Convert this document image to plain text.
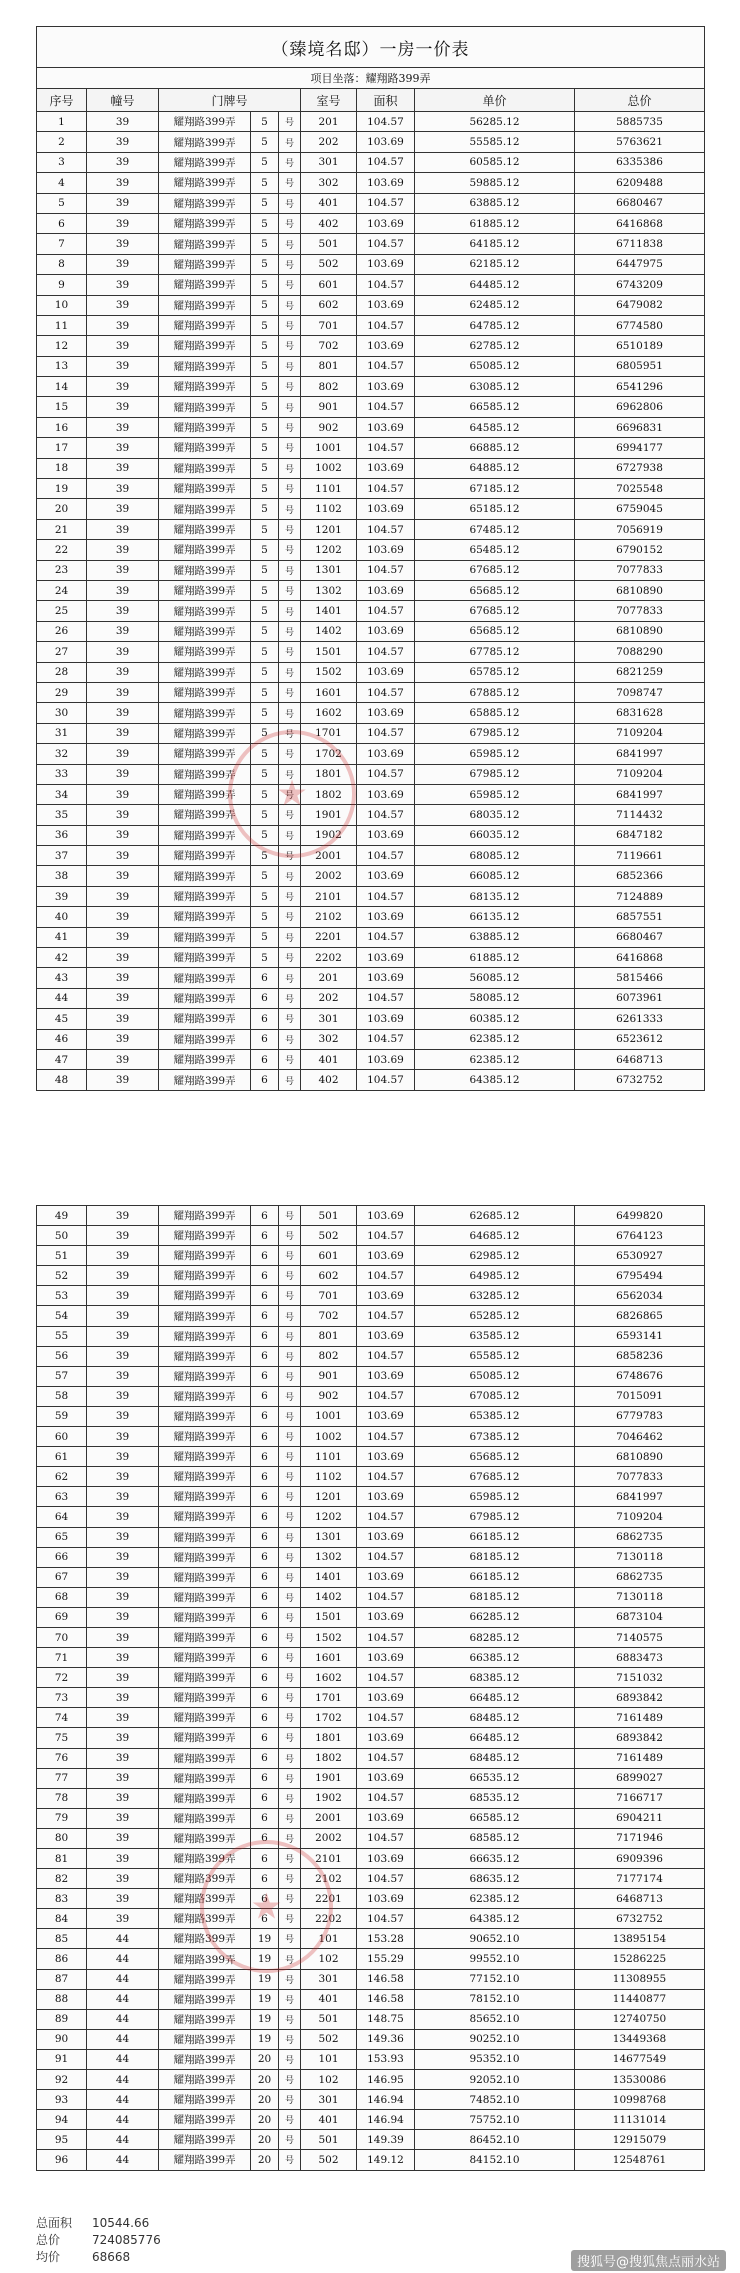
（臻境名邸）一房一价表								
项目坐落：耀翔路399弄								
序号	幢号	门牌号			室号	面积	单价	总价
1	39	耀翔路399弄	5	号	201	104.57	56285.12	5885735
2	39	耀翔路399弄	5	号	202	103.69	55585.12	5763621
3	39	耀翔路399弄	5	号	301	104.57	60585.12	6335386
4	39	耀翔路399弄	5	号	302	103.69	59885.12	6209488
5	39	耀翔路399弄	5	号	401	104.57	63885.12	6680467
6	39	耀翔路399弄	5	号	402	103.69	61885.12	6416868
7	39	耀翔路399弄	5	号	501	104.57	64185.12	6711838
8	39	耀翔路399弄	5	号	502	103.69	62185.12	6447975
9	39	耀翔路399弄	5	号	601	104.57	64485.12	6743209
10	39	耀翔路399弄	5	号	602	103.69	62485.12	6479082
11	39	耀翔路399弄	5	号	701	104.57	64785.12	6774580
12	39	耀翔路399弄	5	号	702	103.69	62785.12	6510189
13	39	耀翔路399弄	5	号	801	104.57	65085.12	6805951
14	39	耀翔路399弄	5	号	802	103.69	63085.12	6541296
15	39	耀翔路399弄	5	号	901	104.57	66585.12	6962806
16	39	耀翔路399弄	5	号	902	103.69	64585.12	6696831
17	39	耀翔路399弄	5	号	1001	104.57	66885.12	6994177
18	39	耀翔路399弄	5	号	1002	103.69	64885.12	6727938
19	39	耀翔路399弄	5	号	1101	104.57	67185.12	7025548
20	39	耀翔路399弄	5	号	1102	103.69	65185.12	6759045
21	39	耀翔路399弄	5	号	1201	104.57	67485.12	7056919
22	39	耀翔路399弄	5	号	1202	103.69	65485.12	6790152
23	39	耀翔路399弄	5	号	1301	104.57	67685.12	7077833
24	39	耀翔路399弄	5	号	1302	103.69	65685.12	6810890
25	39	耀翔路399弄	5	号	1401	104.57	67685.12	7077833
26	39	耀翔路399弄	5	号	1402	103.69	65685.12	6810890
27	39	耀翔路399弄	5	号	1501	104.57	67785.12	7088290
28	39	耀翔路399弄	5	号	1502	103.69	65785.12	6821259
29	39	耀翔路399弄	5	号	1601	104.57	67885.12	7098747
30	39	耀翔路399弄	5	号	1602	103.69	65885.12	6831628
31	39	耀翔路399弄	5	号	1701	104.57	67985.12	7109204
32	39	耀翔路399弄	5	号	1702	103.69	65985.12	6841997
33	39	耀翔路399弄	5	号	1801	104.57	67985.12	7109204
34	39	耀翔路399弄	5	号	1802	103.69	65985.12	6841997
35	39	耀翔路399弄	5	号	1901	104.57	68035.12	7114432
36	39	耀翔路399弄	5	号	1902	103.69	66035.12	6847182
37	39	耀翔路399弄	5	号	2001	104.57	68085.12	7119661
38	39	耀翔路399弄	5	号	2002	103.69	66085.12	6852366
39	39	耀翔路399弄	5	号	2101	104.57	68135.12	7124889
40	39	耀翔路399弄	5	号	2102	103.69	66135.12	6857551
41	39	耀翔路399弄	5	号	2201	104.57	63885.12	6680467
42	39	耀翔路399弄	5	号	2202	103.69	61885.12	6416868
43	39	耀翔路399弄	6	号	201	103.69	56085.12	5815466
44	39	耀翔路399弄	6	号	202	104.57	58085.12	6073961
45	39	耀翔路399弄	6	号	301	103.69	60385.12	6261333
46	39	耀翔路399弄	6	号	302	104.57	62385.12	6523612
47	39	耀翔路399弄	6	号	401	103.69	62385.12	6468713
48	39	耀翔路399弄	6	号	402	104.57	64385.12	6732752
★
49	39	耀翔路399弄	6	号	501	103.69	62685.12	6499820
50	39	耀翔路399弄	6	号	502	104.57	64685.12	6764123
51	39	耀翔路399弄	6	号	601	103.69	62985.12	6530927
52	39	耀翔路399弄	6	号	602	104.57	64985.12	6795494
53	39	耀翔路399弄	6	号	701	103.69	63285.12	6562034
54	39	耀翔路399弄	6	号	702	104.57	65285.12	6826865
55	39	耀翔路399弄	6	号	801	103.69	63585.12	6593141
56	39	耀翔路399弄	6	号	802	104.57	65585.12	6858236
57	39	耀翔路399弄	6	号	901	103.69	65085.12	6748676
58	39	耀翔路399弄	6	号	902	104.57	67085.12	7015091
59	39	耀翔路399弄	6	号	1001	103.69	65385.12	6779783
60	39	耀翔路399弄	6	号	1002	104.57	67385.12	7046462
61	39	耀翔路399弄	6	号	1101	103.69	65685.12	6810890
62	39	耀翔路399弄	6	号	1102	104.57	67685.12	7077833
63	39	耀翔路399弄	6	号	1201	103.69	65985.12	6841997
64	39	耀翔路399弄	6	号	1202	104.57	67985.12	7109204
65	39	耀翔路399弄	6	号	1301	103.69	66185.12	6862735
66	39	耀翔路399弄	6	号	1302	104.57	68185.12	7130118
67	39	耀翔路399弄	6	号	1401	103.69	66185.12	6862735
68	39	耀翔路399弄	6	号	1402	104.57	68185.12	7130118
69	39	耀翔路399弄	6	号	1501	103.69	66285.12	6873104
70	39	耀翔路399弄	6	号	1502	104.57	68285.12	7140575
71	39	耀翔路399弄	6	号	1601	103.69	66385.12	6883473
72	39	耀翔路399弄	6	号	1602	104.57	68385.12	7151032
73	39	耀翔路399弄	6	号	1701	103.69	66485.12	6893842
74	39	耀翔路399弄	6	号	1702	104.57	68485.12	7161489
75	39	耀翔路399弄	6	号	1801	103.69	66485.12	6893842
76	39	耀翔路399弄	6	号	1802	104.57	68485.12	7161489
77	39	耀翔路399弄	6	号	1901	103.69	66535.12	6899027
78	39	耀翔路399弄	6	号	1902	104.57	68535.12	7166717
79	39	耀翔路399弄	6	号	2001	103.69	66585.12	6904211
80	39	耀翔路399弄	6	号	2002	104.57	68585.12	7171946
81	39	耀翔路399弄	6	号	2101	103.69	66635.12	6909396
82	39	耀翔路399弄	6	号	2102	104.57	68635.12	7177174
83	39	耀翔路399弄	6	号	2201	103.69	62385.12	6468713
84	39	耀翔路399弄	6	号	2202	104.57	64385.12	6732752
85	44	耀翔路399弄	19	号	101	153.28	90652.10	13895154
86	44	耀翔路399弄	19	号	102	155.29	99552.10	15286225
87	44	耀翔路399弄	19	号	301	146.58	77152.10	11308955
88	44	耀翔路399弄	19	号	401	146.58	78152.10	11440877
89	44	耀翔路399弄	19	号	501	148.75	85652.10	12740750
90	44	耀翔路399弄	19	号	502	149.36	90252.10	13449368
91	44	耀翔路399弄	20	号	101	153.93	95352.10	14677549
92	44	耀翔路399弄	20	号	102	146.95	92052.10	13530086
93	44	耀翔路399弄	20	号	301	146.94	74852.10	10998768
94	44	耀翔路399弄	20	号	401	146.94	75752.10	11131014
95	44	耀翔路399弄	20	号	501	149.39	86452.10	12915079
96	44	耀翔路399弄	20	号	502	149.12	84152.10	12548761
★
总面积	10544.66
总价	724085776
均价	68668	搜狐号@搜狐焦点丽水站
